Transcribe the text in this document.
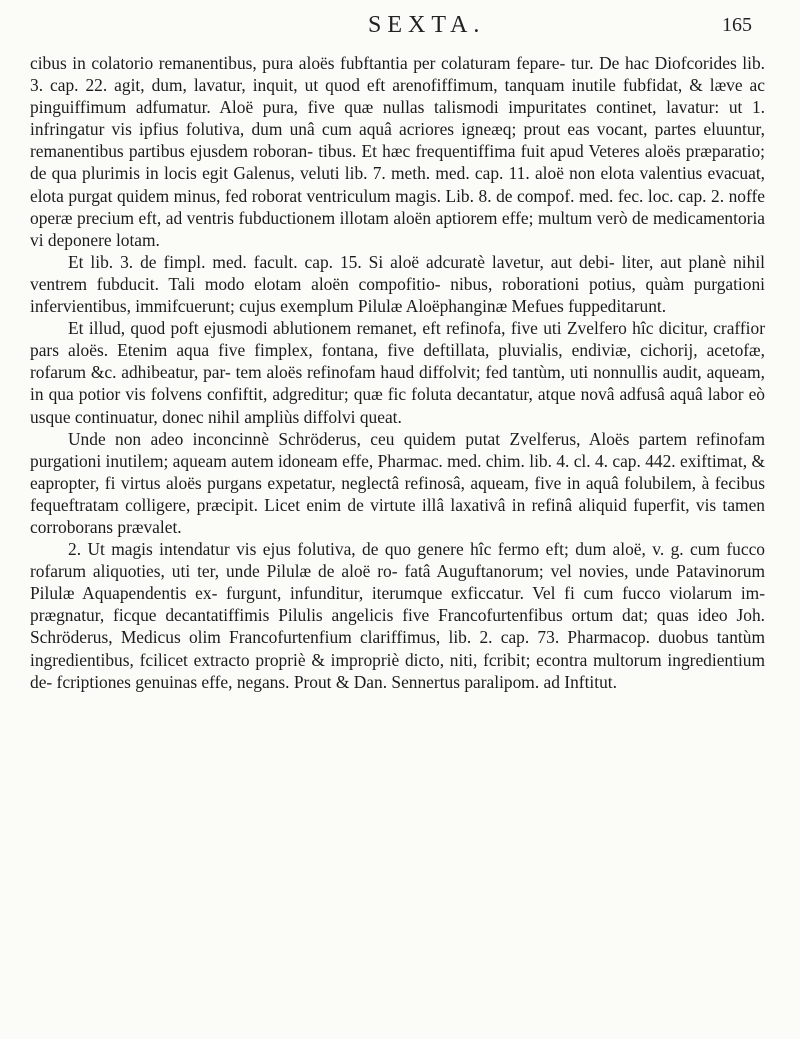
SEXTA.	165

cibus in colatorio remanentibus, pura aloës fubftantia per colaturam fepare- tur. De hac Diofcorides lib. 3. cap. 22. agit, dum, lavatur, inquit, ut quod eft arenofiffimum, tanquam inutile fubfidat, & læve ac pinguiffimum adfumatur. Aloë pura, five quæ nullas talismodi impuritates continet, lavatur: ut 1. infringatur vis ipfius folutiva, dum unâ cum aquâ acriores igneæq; prout eas vocant, partes eluuntur, remanentibus partibus ejusdem roboran- tibus. Et hæc frequentiffima fuit apud Veteres aloës præparatio; de qua plurimis in locis egit Galenus, veluti lib. 7. meth. med. cap. 11. aloë non elota valentius evacuat, elota purgat quidem minus, fed roborat ventriculum magis. Lib. 8. de compof. med. fec. loc. cap. 2. noffe operæ precium eft, ad ventris fubductionem illotam aloën aptiorem effe; multum verò de medicamentoria vi deponere lotam.

Et lib. 3. de fimpl. med. facult. cap. 15. Si aloë adcuratè lavetur, aut debi- liter, aut planè nihil ventrem fubducit. Tali modo elotam aloën compofitio- nibus, roborationi potius, quàm purgationi infervientibus, immifcuerunt; cujus exemplum Pilulæ Aloëphanginæ Mefues fuppeditarunt.

Et illud, quod poft ejusmodi ablutionem remanet, eft refinofa, five uti Zvelfero hîc dicitur, craffior pars aloës. Etenim aqua five fimplex, fontana, five deftillata, pluvialis, endiviæ, cichorij, acetofæ, rofarum &c. adhibeatur, par- tem aloës refinofam haud diffolvit; fed tantùm, uti nonnullis audit, aqueam, in qua potior vis folvens confiftit, adgreditur; quæ fic foluta decantatur, atque novâ adfusâ aquâ labor eò usque continuatur, donec nihil ampliùs diffolvi queat.

Unde non adeo inconcinnè Schröderus, ceu quidem putat Zvelferus, Aloës partem refinofam purgationi inutilem; aqueam autem idoneam effe, Pharmac. med. chim. lib. 4. cl. 4. cap. 442. exiftimat, & eapropter, fi virtus aloës purgans expetatur, neglectâ refinosâ, aqueam, five in aquâ folubilem, à fecibus fequeftratam colligere, præcipit. Licet enim de virtute illâ laxativâ in refinâ aliquid fuperfit, vis tamen corroborans prævalet.

2. Ut magis intendatur vis ejus folutiva, de quo genere hîc fermo eft; dum aloë, v. g. cum fucco rofarum aliquoties, uti ter, unde Pilulæ de aloë ro- fatâ Auguftanorum; vel novies, unde Patavinorum Pilulæ Aquapendentis ex- furgunt, infunditur, iterumque exficcatur. Vel fi cum fucco violarum im- prægnatur, ficque decantatiffimis Pilulis angelicis five Francofurtenfibus ortum dat; quas ideo Joh. Schröderus, Medicus olim Francofurtenfium clariffimus, lib. 2. cap. 73. Pharmacop. duobus tantùm ingredientibus, fcilicet extracto propriè & impropriè dicto, niti, fcribit; econtra multorum ingredientium de- fcriptiones genuinas effe, negans. Prout & Dan. Sennertus paralipom. ad Inftitut.
